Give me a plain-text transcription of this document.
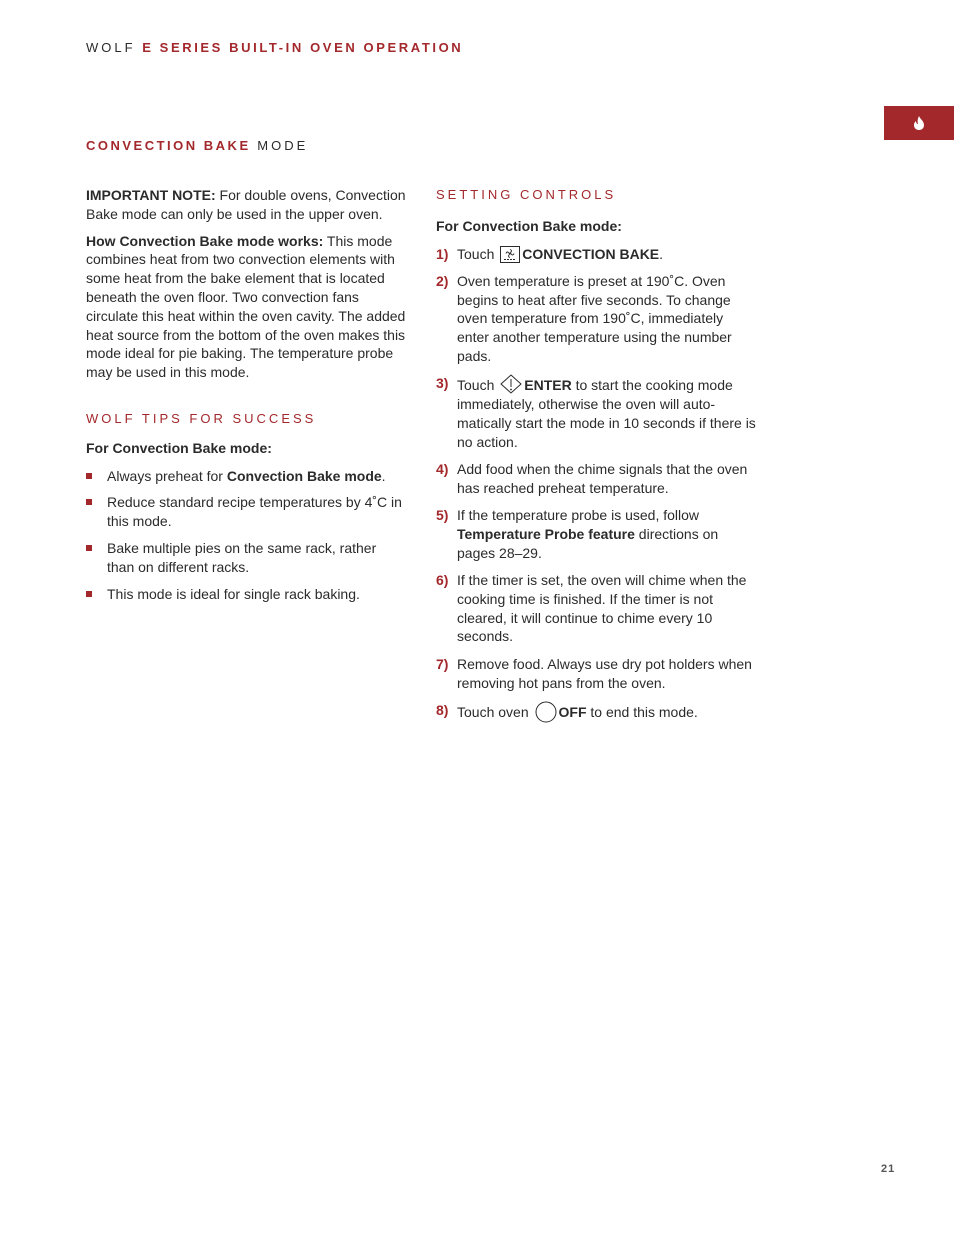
WOLF E SERIES BUILT-IN OVEN OPERATION
CONVECTION BAKE MODE

IMPORTANT NOTE: For double ovens, Convection Bake mode can only be used in the upper oven.

How Convection Bake mode works: This mode combines heat from two convection elements with some heat from the bake element that is located beneath the oven floor. Two convection fans circulate this heat within the oven cavity. The added heat source from the bottom of the oven makes this mode ideal for pie baking. The temperature probe may be used in this mode.

WOLF TIPS FOR SUCCESS

For Convection Bake mode:

Always preheat for Convection Bake mode.
Reduce standard recipe temperatures by 4˚C in this mode.
Bake multiple pies on the same rack, rather than on different racks.
This mode is ideal for single rack baking.
SETTING CONTROLS

For Convection Bake mode:

1) Touch CONVECTION BAKE.
2) Oven temperature is preset at 190˚C. Oven begins to heat after five seconds. To change oven temperature from 190˚C, immediately enter another temperature using the number pads.
3) Touch ENTER to start the cooking mode immediately, otherwise the oven will auto-matically start the mode in 10 seconds if there is no action.
4) Add food when the chime signals that the oven has reached preheat temperature.
5) If the temperature probe is used, follow Temperature Probe feature directions on pages 28–29.
6) If the timer is set, the oven will chime when the cooking time is finished. If the timer is not cleared, it will continue to chime every 10 seconds.
7) Remove food. Always use dry pot holders when removing hot pans from the oven.
8) Touch oven OFF to end this mode.
21
